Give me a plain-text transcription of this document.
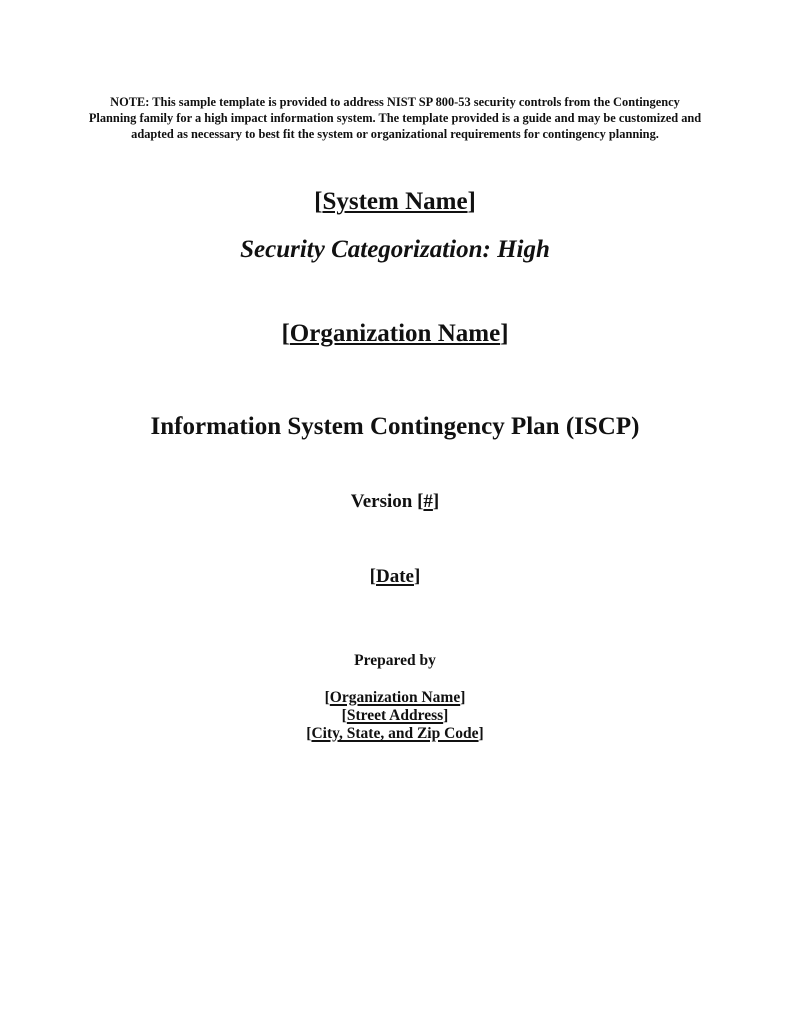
NOTE: This sample template is provided to address NIST SP 800-53 security controls from the Contingency Planning family for a high impact information system. The template provided is a guide and may be customized and adapted as necessary to best fit the system or organizational requirements for contingency planning.
[System Name]
Security Categorization: High
[Organization Name]
Information System Contingency Plan (ISCP)
Version [#]
[Date]
Prepared by
[Organization Name]
[Street Address]
[City, State, and Zip Code]
